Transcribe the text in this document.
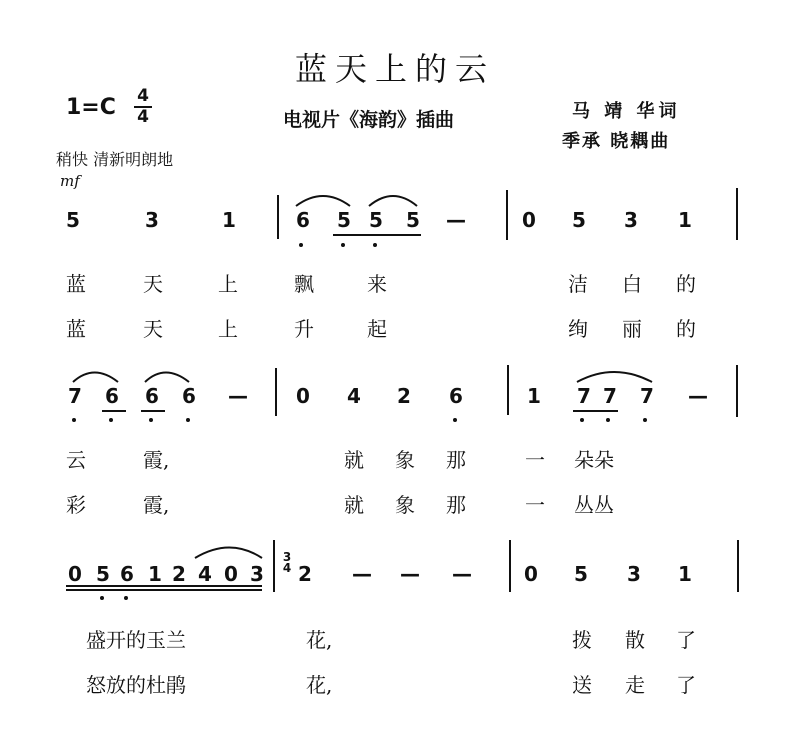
蓝天上的云
1=C 4
4	电视片《海韵》插曲	马 靖 华词
季承 晓耦曲
稍快 清新明朗地
mf
5	3	1	6 5 5 5 —	0 5 3 1
蓝	天	上	飘	来	洁 白 的
蓝	天	上	升	起	绚 丽 的
7 6 6 6 — 0 4 2 6	1 7 7 7 —
云	霞,	就 象 那	一 朵朵
彩	霞,	就 象 那	一 丛丛
0 5 6 1 2 4 0 3
3
4 2 — — —	0 5 3 1
盛开的玉兰	花,	拨 散 了
怒放的杜鹃	花,	送 走 了
